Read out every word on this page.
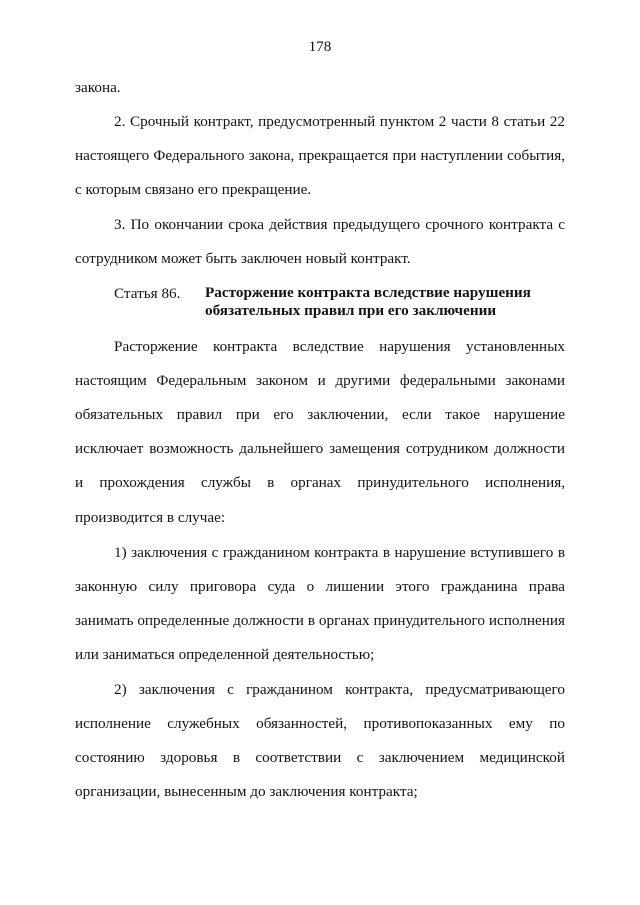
178
закона.
2. Срочный контракт, предусмотренный пунктом 2 части 8 статьи 22
настоящего Федерального закона, прекращается при наступлении события,
с которым связано его прекращение.
3. По окончании срока действия предыдущего срочного контракта с
сотрудником может быть заключен новый контракт.
Статья 86. Расторжение контракта вследствие нарушения
обязательных правил при его заключении
Расторжение контракта вследствие нарушения установленных
настоящим Федеральным законом и другими федеральными законами
обязательных правил при его заключении, если такое нарушение
исключает возможность дальнейшего замещения сотрудником должности
и прохождения службы в органах принудительного исполнения,
производится в случае:
1) заключения с гражданином контракта в нарушение вступившего в
законную силу приговора суда о лишении этого гражданина права
занимать определенные должности в органах принудительного исполнения
или заниматься определенной деятельностью;
2) заключения с гражданином контракта, предусматривающего
исполнение служебных обязанностей, противопоказанных ему по
состоянию здоровья в соответствии с заключением медицинской
организации, вынесенным до заключения контракта;
